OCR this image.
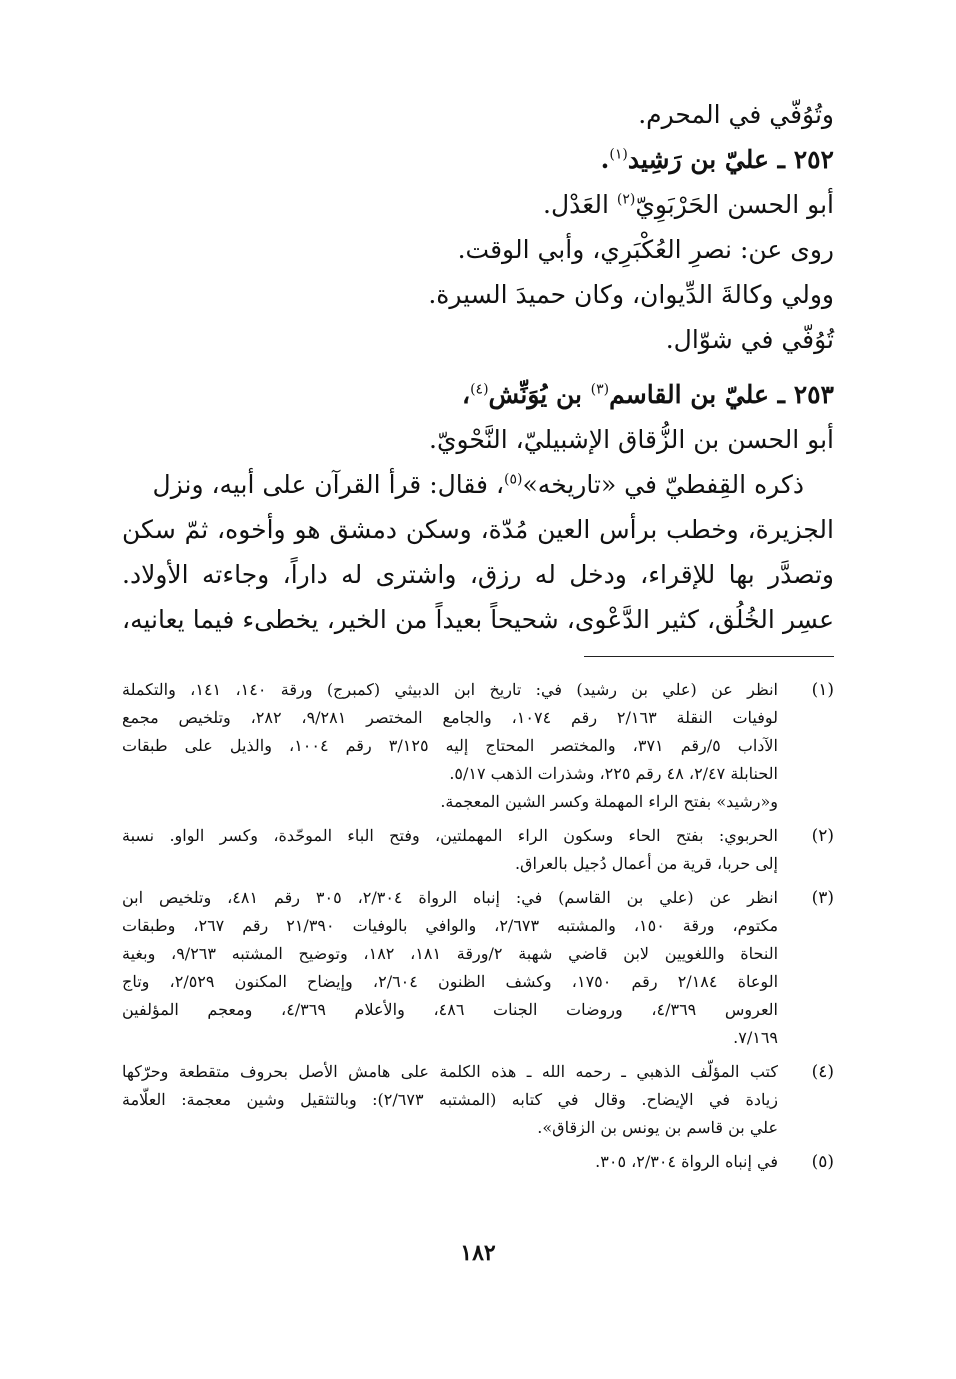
وتُوُفّي في المحرم.
٢٥٢ ـ عليّ بن رَشِيد$^{(١)}$.
أبو الحسن الحَرْبَوِيّ$^{(٢)}$ العَدْل.
روى عن: نصرِ العُكْبَرِي، وأبي الوقت.
وولي وكالةَ الدِّيوان، وكان حميدَ السيرة.
تُوُفّي في شوّال.
٢٥٣ ـ عليّ بن القاسم$^{(٣)}$ بن يُوَنِّش$^{(٤)}$،
أبو الحسن بن الزُّقاق الإشبيليّ، النَّحْويّ.
ذكره القِفطيّ في «تاريخه»$^{(٥)}$، فقال: قرأ القرآن على أبيه، ونزل
الجزيرة، وخطب برأس العين مُدّة، وسكن دمشق هو وأخوه، ثمّ سكن
وتصدَّر بها للإقراء، ودخل له رزق، واشترى له داراً، وجاءته الأولاد.
عسِر الخُلُق، كثير الدَّعْوى، شحيحاً بعيداً من الخير، يخطىء فيما يعانيه،
(١)
انظر عن (علي بن رشيد) في: تاريخ ابن الدبيثي (كمبرج) ورقة ١٤٠، ١٤١، والتكملة
لوفيات النقلة ٢/١٦٣ رقم ١٠٧٤، والجامع المختصر ٩/٢٨١، ٢٨٢، وتلخيص مجمع
الآداب ٥/رقم ٣٧١، والمختصر المحتاج إليه ٣/١٢٥ رقم ١٠٠٤، والذيل على طبقات
الحنابلة ٢/٤٧، ٤٨ رقم ٢٢٥، وشذرات الذهب ٥/١٧.
و«رشيد» بفتح الراء المهملة وكسر الشين المعجمة.
(٢)
الحربوي: بفتح الحاء وسكون الراء المهملتين، وفتح الباء الموحّدة، وكسر الواو. نسبة
إلى حربا، قرية من أعمال دُجيل بالعراق.
(٣)
انظر عن (علي بن القاسم) في: إنباه الرواة ٢/٣٠٤، ٣٠٥ رقم ٤٨١، وتلخيص ابن
مكتوم، ورقة ١٥٠، والمشتبه ٢/٦٧٣، والوافي بالوفيات ٢١/٣٩٠ رقم ٢٦٧، وطبقات
النحاة واللغويين لابن قاضي شهبة ٢/ورقة ١٨١، ١٨٢، وتوضيح المشتبه ٩/٢٦٣، وبغية
الوعاة ٢/١٨٤ رقم ١٧٥٠، وكشف الظنون ٢/٦٠٤، وإيضاح المكنون ٢/٥٢٩، وتاج
العروس ٤/٣٦٩، وروضات الجنات ٤٨٦، والأعلام ٤/٣٦٩، ومعجم المؤلفين
٧/١٦٩.
(٤)
كتب المؤلّف الذهبي ـ رحمه الله ـ هذه الكلمة على هامش الأصل بحروف متقطعة وحرّكها
زيادة في الإيضاح. وقال في كتابه (المشتبه ٢/٦٧٣): وبالتثقيل وشين معجمة: العلّامة
علي بن قاسم بن يونس بن الزقاق».
(٥)
في إنباه الرواة ٢/٣٠٤، ٣٠٥.
١٨٢
